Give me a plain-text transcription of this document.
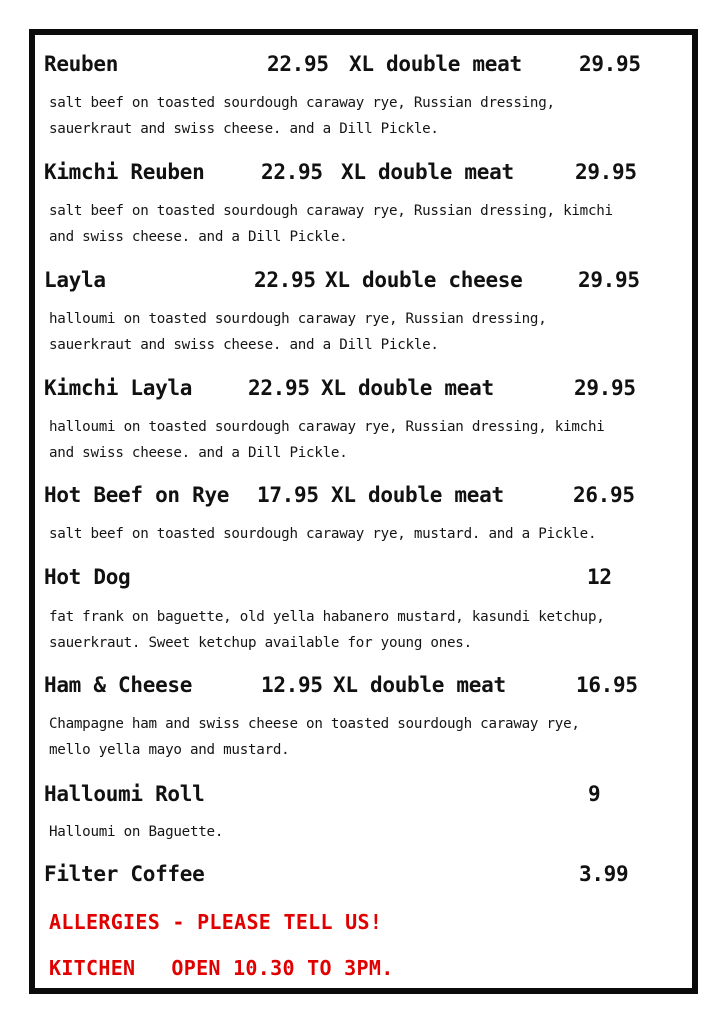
Reuben	22.95 XL double meat	29.95
salt beef on toasted sourdough caraway rye, Russian dressing,
sauerkraut and swiss cheese. and a Dill Pickle.
Kimchi Reuben	22.95 XL double meat	29.95
salt beef on toasted sourdough caraway rye, Russian dressing, kimchi
and swiss cheese. and a Dill Pickle.
Layla	22.95 XL double cheese	29.95
halloumi on toasted sourdough caraway rye, Russian dressing,
sauerkraut and swiss cheese. and a Dill Pickle.
Kimchi Layla	22.95 XL double meat	29.95
halloumi on toasted sourdough caraway rye, Russian dressing, kimchi
and swiss cheese. and a Dill Pickle.
Hot Beef on Rye 17.95 XL double meat	26.95
salt beef on toasted sourdough caraway rye, mustard. and a Pickle.
Hot Dog	12
fat frank on baguette, old yella habanero mustard, kasundi ketchup,
sauerkraut. Sweet ketchup available for young ones.
Ham & Cheese	12.95 XL double meat	16.95
Champagne ham and swiss cheese on toasted sourdough caraway rye,
mello yella mayo and mustard.
Halloumi Roll	9
Halloumi on Baguette.
Filter Coffee	3.99
ALLERGIES - PLEASE TELL US!
KITCHEN OPEN 10.30 TO 3PM.
